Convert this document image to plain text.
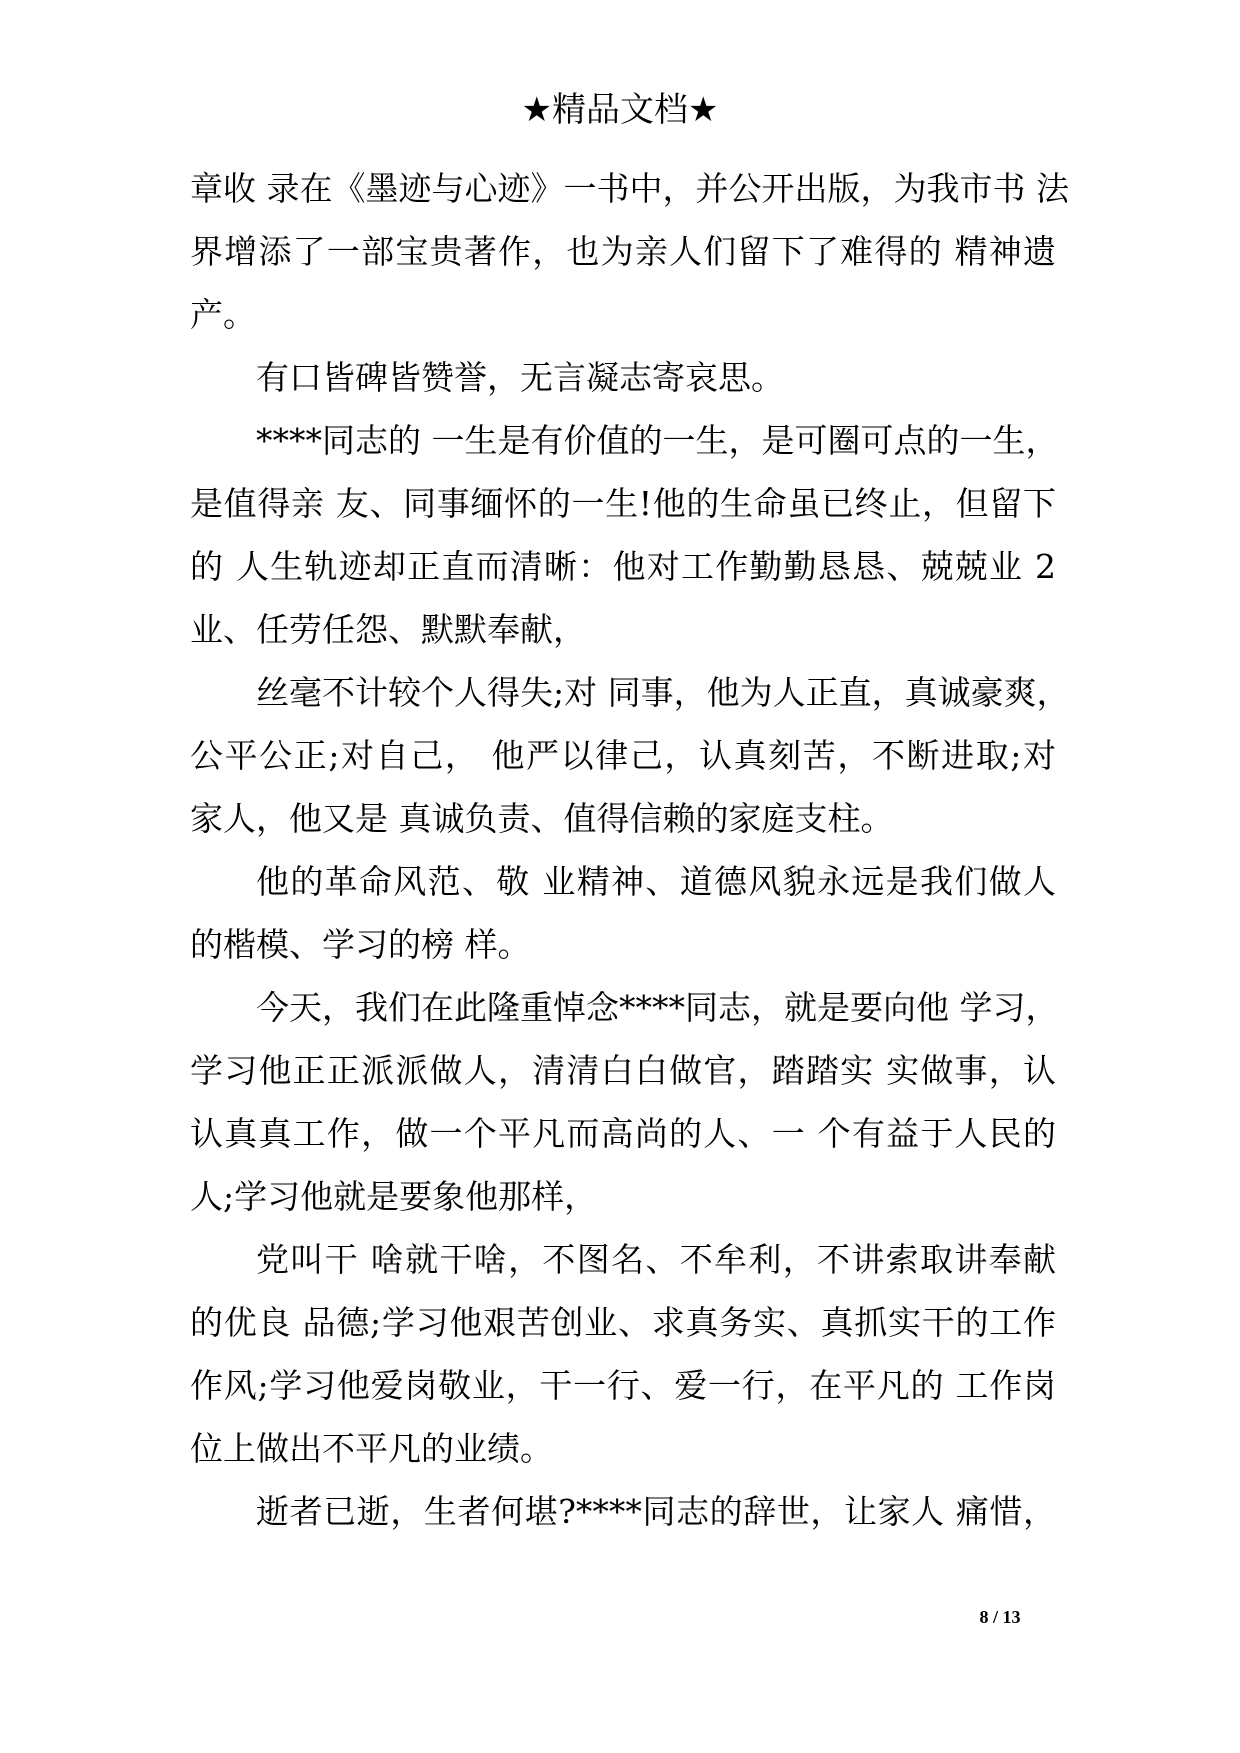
★精品文档★
章收 录在《墨迹与心迹》一书中，并公开出版，为我市书 法
界增添了一部宝贵著作，也为亲人们留下了难得的 精神遗
产。
有口皆碑皆赞誉，无言凝志寄哀思。
****同志的 一生是有价值的一生，是可圈可点的一生，
是值得亲 友、同事缅怀的一生!他的生命虽已终止，但留下
的 人生轨迹却正直而清晰：他对工作勤勤恳恳、兢兢业 2
业、任劳任怨、默默奉献，
丝毫不计较个人得失;对 同事，他为人正直，真诚豪爽，
公平公正;对自己， 他严以律己，认真刻苦，不断进取;对
家人，他又是 真诚负责、值得信赖的家庭支柱。
他的革命风范、敬 业精神、道德风貌永远是我们做人
的楷模、学习的榜 样。
今天，我们在此隆重悼念****同志，就是要向他 学习，
学习他正正派派做人，清清白白做官，踏踏实 实做事，认
认真真工作，做一个平凡而高尚的人、一 个有益于人民的
人;学习他就是要象他那样，
党叫干 啥就干啥，不图名、不牟利，不讲索取讲奉献
的优良 品德;学习他艰苦创业、求真务实、真抓实干的工作
作风;学习他爱岗敬业，干一行、爱一行，在平凡的 工作岗
位上做出不平凡的业绩。
逝者已逝，生者何堪?****同志的辞世，让家人 痛惜，
8 / 13
